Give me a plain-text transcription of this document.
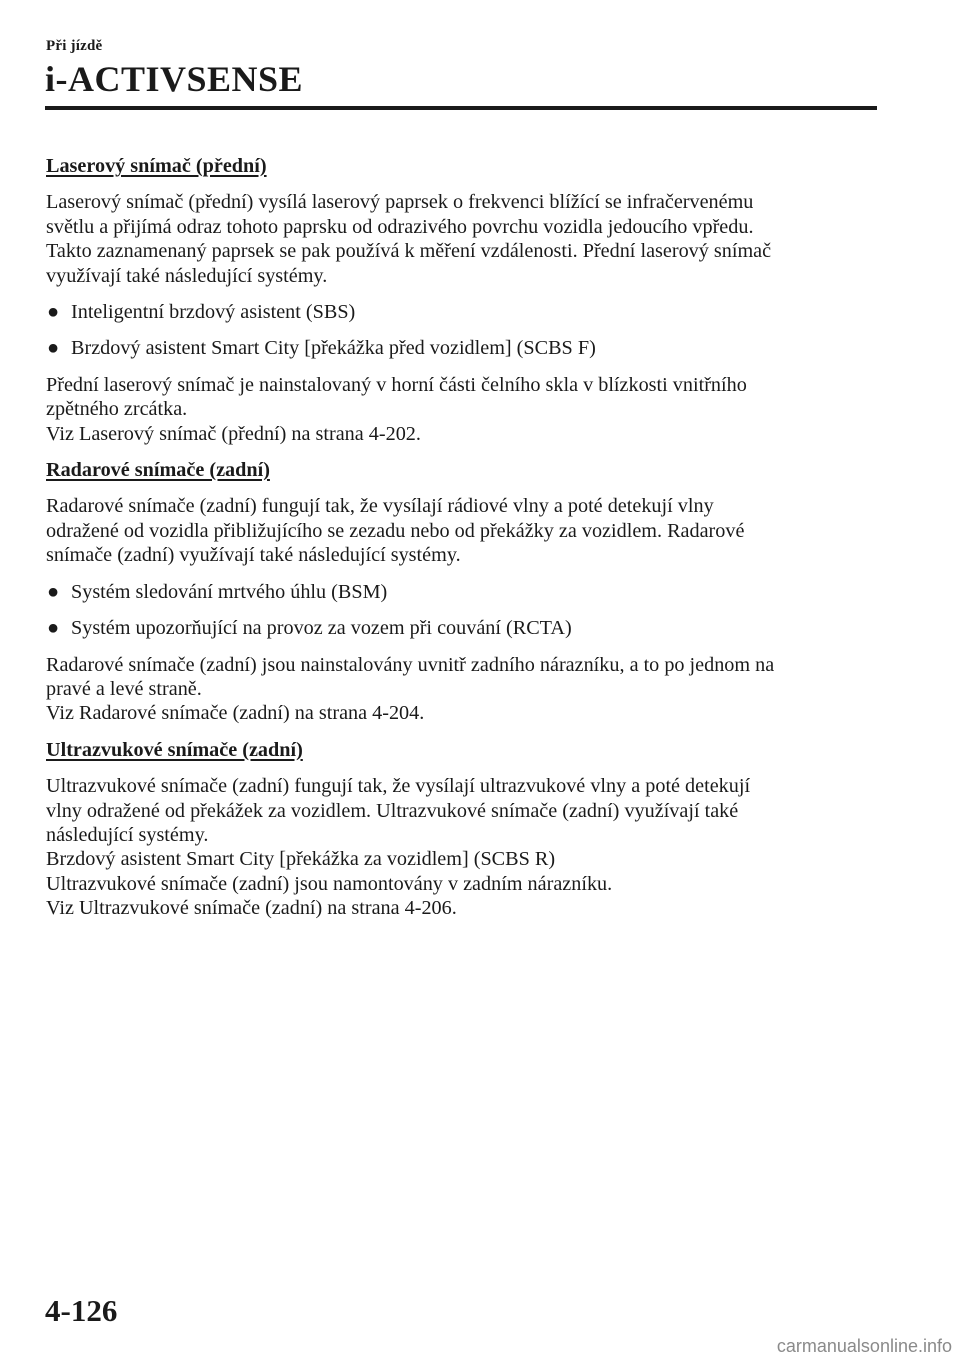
Při jízdě
i-ACTIVSENSE
Laserový snímač (přední)
Laserový snímač (přední) vysílá laserový paprsek o frekvenci blížící se infračervenému
světlu a přijímá odraz tohoto paprsku od odrazivého povrchu vozidla jedoucího vpředu.
Takto zaznamenaný paprsek se pak používá k měření vzdálenosti. Přední laserový snímač
využívají také následující systémy.
● Inteligentní brzdový asistent (SBS)
● Brzdový asistent Smart City [překážka před vozidlem] (SCBS F)
Přední laserový snímač je nainstalovaný v horní části čelního skla v blízkosti vnitřního
zpětného zrcátka.
Viz Laserový snímač (přední) na strana 4-202.
Radarové snímače (zadní)
Radarové snímače (zadní) fungují tak, že vysílají rádiové vlny a poté detekují vlny
odražené od vozidla přibližujícího se zezadu nebo od překážky za vozidlem. Radarové
snímače (zadní) využívají také následující systémy.
● Systém sledování mrtvého úhlu (BSM)
● Systém upozorňující na provoz za vozem při couvání (RCTA)
Radarové snímače (zadní) jsou nainstalovány uvnitř zadního nárazníku, a to po jednom na
pravé a levé straně.
Viz Radarové snímače (zadní) na strana 4-204.
Ultrazvukové snímače (zadní)
Ultrazvukové snímače (zadní) fungují tak, že vysílají ultrazvukové vlny a poté detekují
vlny odražené od překážek za vozidlem. Ultrazvukové snímače (zadní) využívají také
následující systémy.
Brzdový asistent Smart City [překážka za vozidlem] (SCBS R)
Ultrazvukové snímače (zadní) jsou namontovány v zadním nárazníku.
Viz Ultrazvukové snímače (zadní) na strana 4-206.
4-126
carmanualsonline.info
